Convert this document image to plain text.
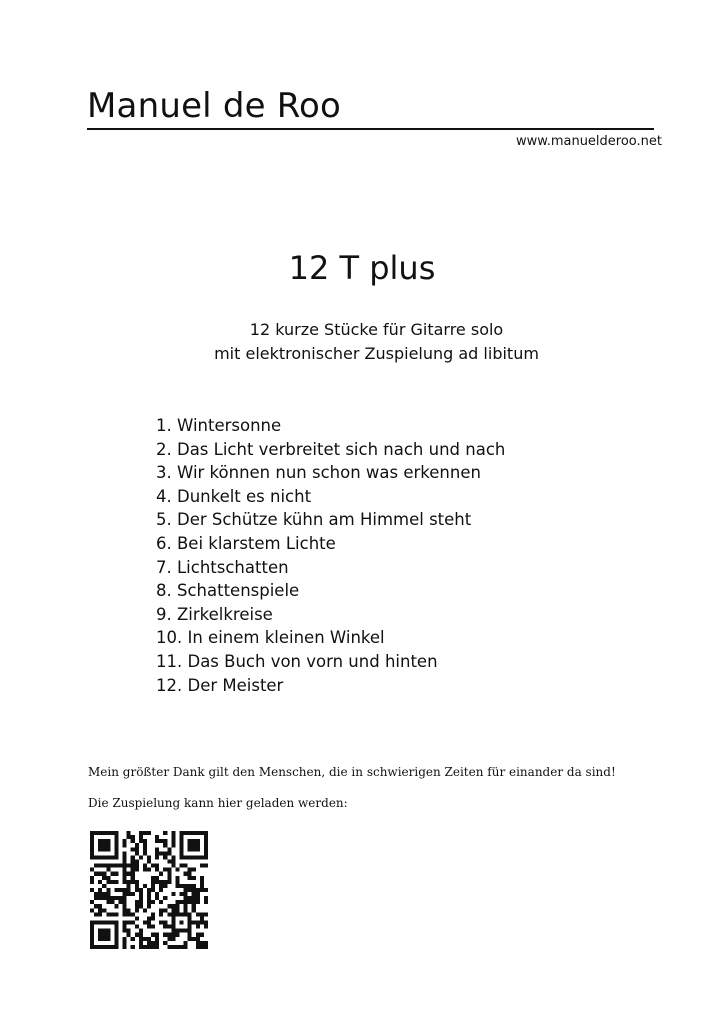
Manuel de Roo

www.manuelderoo.net

12 T plus
12 kurze Stücke für Gitarre solo
mit elektronischer Zuspielung ad libitum
1. Wintersonne
2. Das Licht verbreitet sich nach und nach
3. Wir können nun schon was erkennen
4. Dunkelt es nicht
5. Der Schütze kühn am Himmel steht
6. Bei klarstem Lichte
7. Lichtschatten
8. Schattenspiele
9. Zirkelkreise
10. In einem kleinen Winkel
11. Das Buch von vorn und hinten
12. Der Meister

Mein größter Dank gilt den Menschen, die in schwierigen Zeiten für einander da sind!

Die Zuspielung kann hier geladen werden:
